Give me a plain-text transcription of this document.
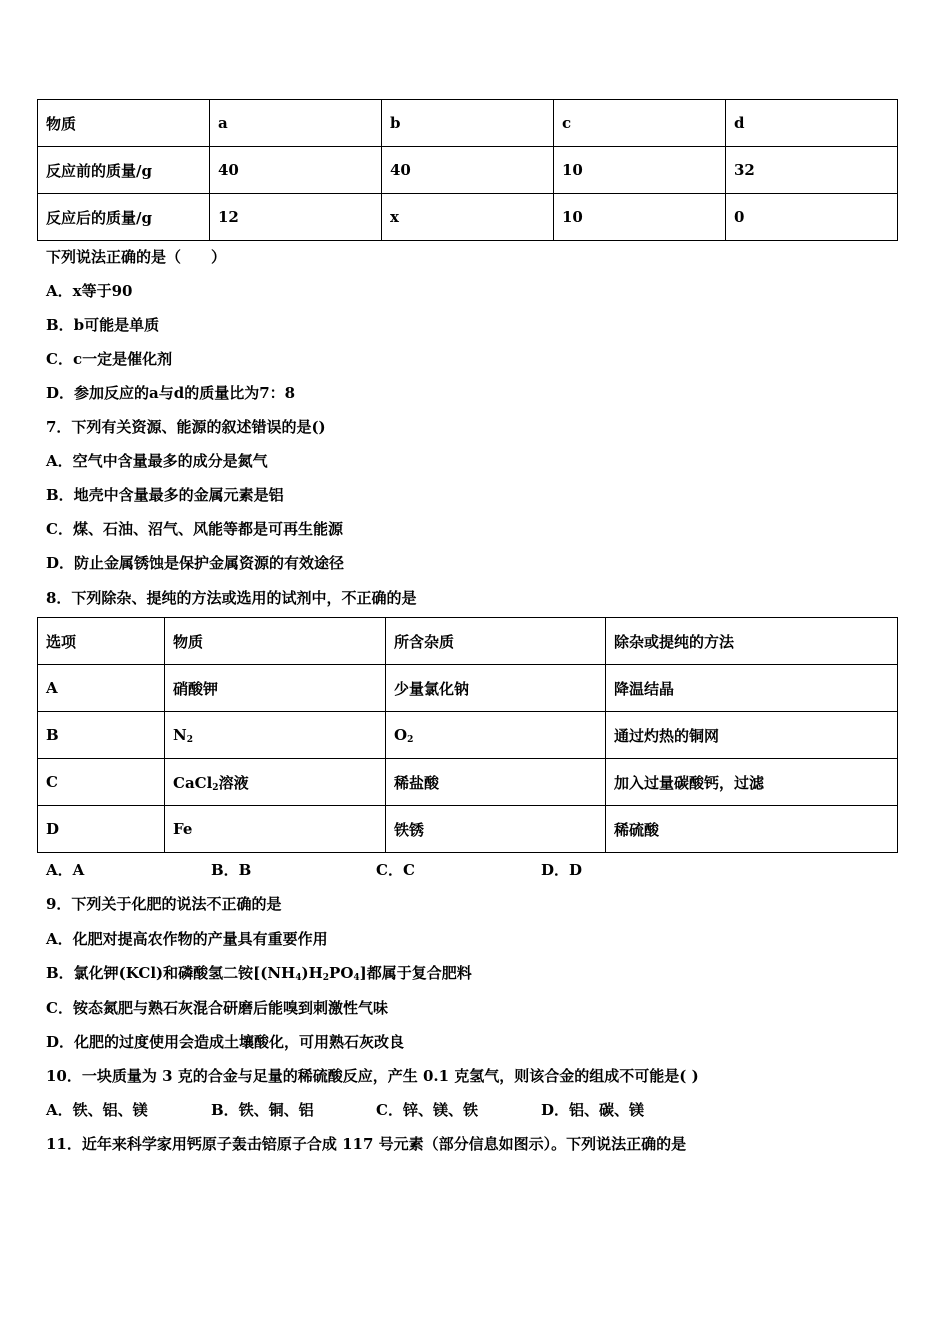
物质	a	b	c	d
反应前的质量/g	40	40	10	32
反应后的质量/g	12	x	10	0
下列说法正确的是（　　）
A．x等于90
B．b可能是单质
C．c一定是催化剂
D．参加反应的a与d的质量比为7：8
7．下列有关资源、能源的叙述错误的是()
A．空气中含量最多的成分是氮气
B．地壳中含量最多的金属元素是铝
C．煤、石油、沼气、风能等都是可再生能源
D．防止金属锈蚀是保护金属资源的有效途径
8．下列除杂、提纯的方法或选用的试剂中，不正确的是
选项	物质	所含杂质	除杂或提纯的方法
A	硝酸钾	少量氯化钠	降温结晶
B	$N_2$	$O_2$	通过灼热的铜网
C	CaCl$_2$溶液	稀盐酸	加入过量碳酸钙，过滤
D	Fe	铁锈	稀硫酸
A．A	B．B	C．C	D．D
9．下列关于化肥的说法不正确的是
A．化肥对提高农作物的产量具有重要作用
B．氯化钾(KCl)和磷酸氢二铵$[(NH_4)H_2PO_4]$都属于复合肥料
C．铵态氮肥与熟石灰混合研磨后能嗅到刺激性气味
D．化肥的过度使用会造成土壤酸化，可用熟石灰改良
10．一块质量为 3 克的合金与足量的稀硫酸反应，产生 0.1 克氢气，则该合金的组成不可能是( )
A．铁、铝、镁	B．铁、铜、铝	C．锌、镁、铁	D．铝、碳、镁
11．近年来科学家用钙原子轰击锫原子合成 117 号元素（部分信息如图示）。下列说法正确的是
